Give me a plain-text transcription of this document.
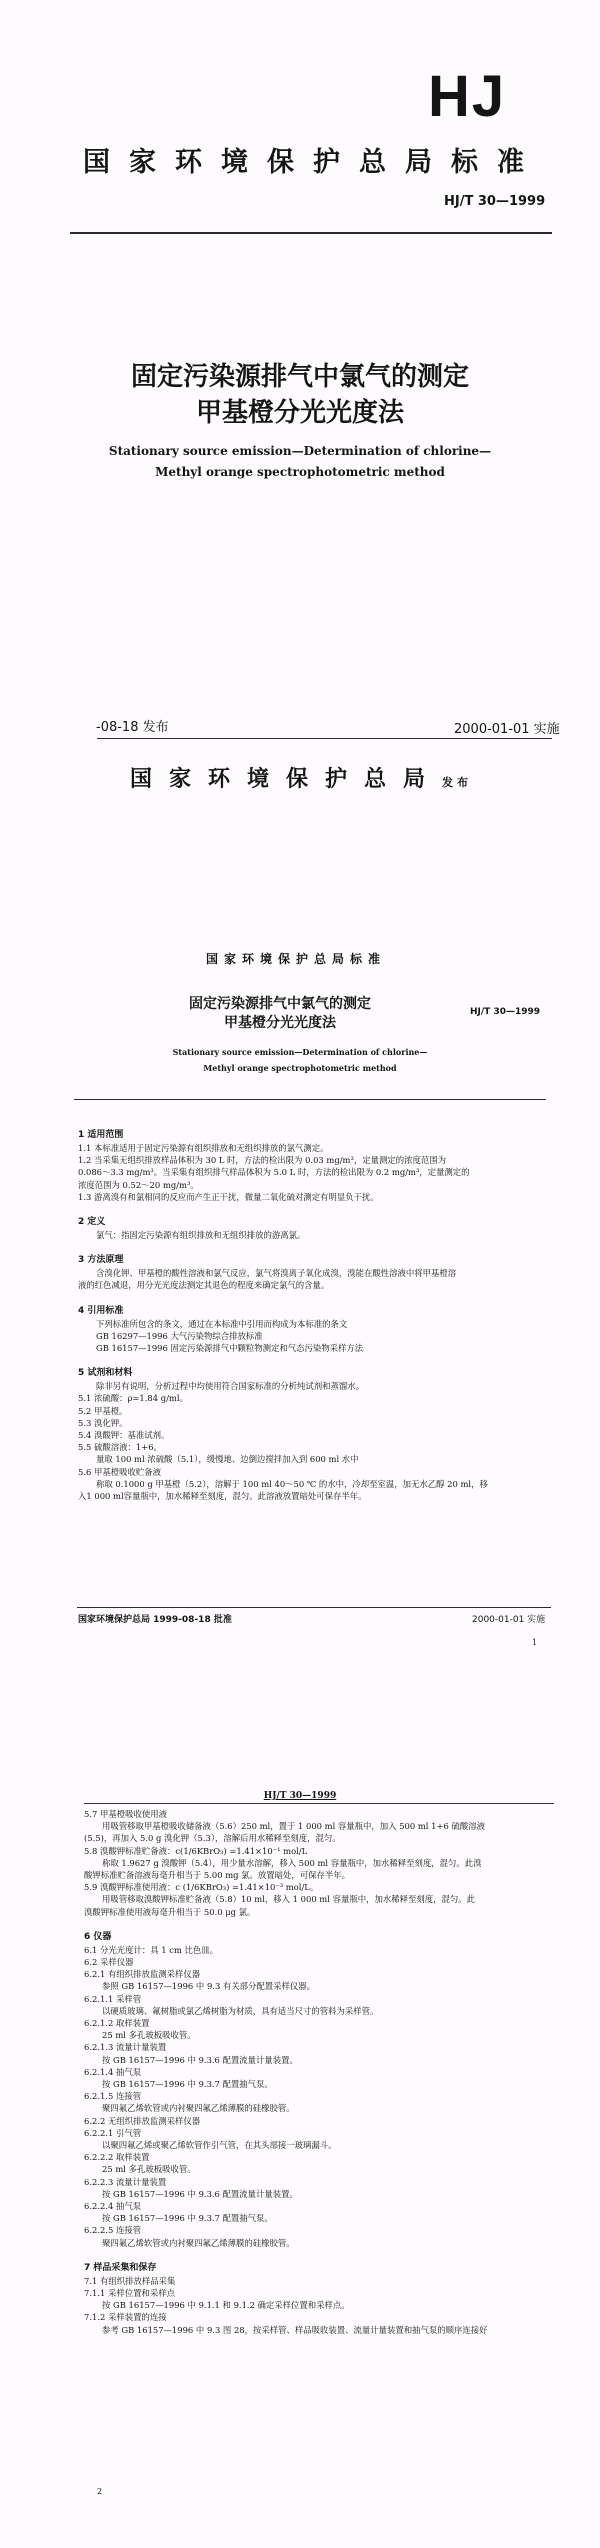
HJ
国家环境保护总局标准
HJ/T 30—1999
固定污染源排气中氯气的测定
甲基橙分光光度法
Stationary source emission—Determination of chlorine—
Methyl orange spectrophotometric method
-08-18 发布	2000-01-01 实施
国家环境保护总局发布
国家环境保护总局标准
固定污染源排气中氯气的测定
甲基橙分光光度法
HJ/T 30—1999
Stationary source emission—Determination of chlorine—
Methyl orange spectrophotometric method
1 适用范围
1.1 本标准适用于固定污染源有组织排放和无组织排放的氯气测定。
1.2 当采集无组织排放样品体积为 30 L 时，方法的检出限为 0.03 mg/m³，定量测定的浓度范围为
0.086～3.3 mg/m³。当采集有组织排气样品体积为 5.0 L 时，方法的检出限为 0.2 mg/m³，定量测定的
浓度范围为 0.52～20 mg/m³。
1.3 游离溴有和氯相同的反应而产生正干扰，微量二氧化硫对测定有明显负干扰。
2 定义
氯气：指固定污染源有组织排放和无组织排放的游离氯。
3 方法原理
含溴化钾、甲基橙的酸性溶液和氯气反应，氯气将溴离子氧化成溴，溴能在酸性溶液中将甲基橙溶
液的红色减退，用分光光度法测定其退色的程度来确定氯气的含量。
4 引用标准
下列标准所包含的条文，通过在本标准中引用而构成为本标准的条文
GB 16297—1996 大气污染物综合排放标准
GB 16157—1996 固定污染源排气中颗粒物测定和气态污染物采样方法
5 试剂和材料
除非另有说明，分析过程中均使用符合国家标准的分析纯试剂和蒸馏水。
5.1 浓硫酸：ρ=1.84 g/ml。
5.2 甲基橙。
5.3 溴化钾。
5.4 溴酸钾：基准试剂。
5.5 硫酸溶液：1+6。
量取 100 ml 浓硫酸（5.1），缓慢地、边倒边搅拌加入到 600 ml 水中
5.6 甲基橙吸收贮备液
称取 0.1000 g 甲基橙（5.2），溶解于 100 ml 40～50 ℃ 的水中，冷却至室温，加无水乙醇 20 ml，移
入1 000 ml容量瓶中，加水稀释至刻度，混匀。此溶液放置暗处可保存半年。
国家环境保护总局 1999-08-18 批准	2000-01-01 实施
1
HJ/T 30—1999
5.7 甲基橙吸收使用液
用吸管移取甲基橙吸收储备液（5.6）250 ml，置于 1 000 ml 容量瓶中，加入 500 ml 1+6 硫酸溶液
(5.5)，再加入 5.0 g 溴化钾（5.3），溶解后用水稀释至刻度，混匀。
5.8 溴酸钾标准贮备液：c(1/6KBrO₃) =1.41×10⁻¹ mol/L
称取 1.9627 g 溴酸钾（5.4），用少量水溶解，移入 500 ml 容量瓶中，加水稀释至刻度，混匀。此溴
酸钾标准贮备溶液每毫升相当于 5.00 mg 氯。放置暗处，可保存半年。
5.9 溴酸钾标准使用液：c (1/6KBrO₃) =1.41×10⁻³ mol/L。
用吸管移取溴酸钾标准贮备液（5.8）10 ml，移入 1 000 ml 容量瓶中，加水稀释至刻度，混匀。此
溴酸钾标准使用液每毫升相当于 50.0 μg 氯。
6 仪器
6.1 分光光度计：具 1 cm 比色皿。
6.2 采样仪器
6.2.1 有组织排放监测采样仪器
参照 GB 16157—1996 中 9.3 有关部分配置采样仪器。
6.2.1.1 采样管
以硬质玻璃、氟树脂或氯乙烯树脂为材质，具有适当尺寸的管料为采样管。
6.2.1.2 取样装置
25 ml 多孔玻板吸收管。
6.2.1.3 流量计量装置
按 GB 16157—1996 中 9.3.6 配置流量计量装置。
6.2.1.4 抽气泵
按 GB 16157—1996 中 9.3.7 配置抽气泵。
6.2.1.5 连接管
聚四氟乙烯软管或内衬聚四氟乙烯薄膜的硅橡胶管。
6.2.2 无组织排放监测采样仪器
6.2.2.1 引气管
以聚四氟乙烯或聚乙烯软管作引气管，在其头部接一玻璃漏斗。
6.2.2.2 取样装置
25 ml 多孔玻板吸收管。
6.2.2.3 流量计量装置
按 GB 16157—1996 中 9.3.6 配置流量计量装置。
6.2.2.4 抽气泵
按 GB 16157—1996 中 9.3.7 配置抽气泵。
6.2.2.5 连接管
聚四氟乙烯软管或内衬聚四氟乙烯薄膜的硅橡胶管。
7 样品采集和保存
7.1 有组织排放样品采集
7.1.1 采样位置和采样点
按 GB 16157—1996 中 9.1.1 和 9.1.2 确定采样位置和采样点。
7.1.2 采样装置的连接
参考 GB 16157—1996 中 9.3 图 28，按采样管、样品吸收装置、流量计量装置和抽气泵的顺序连接好
2
